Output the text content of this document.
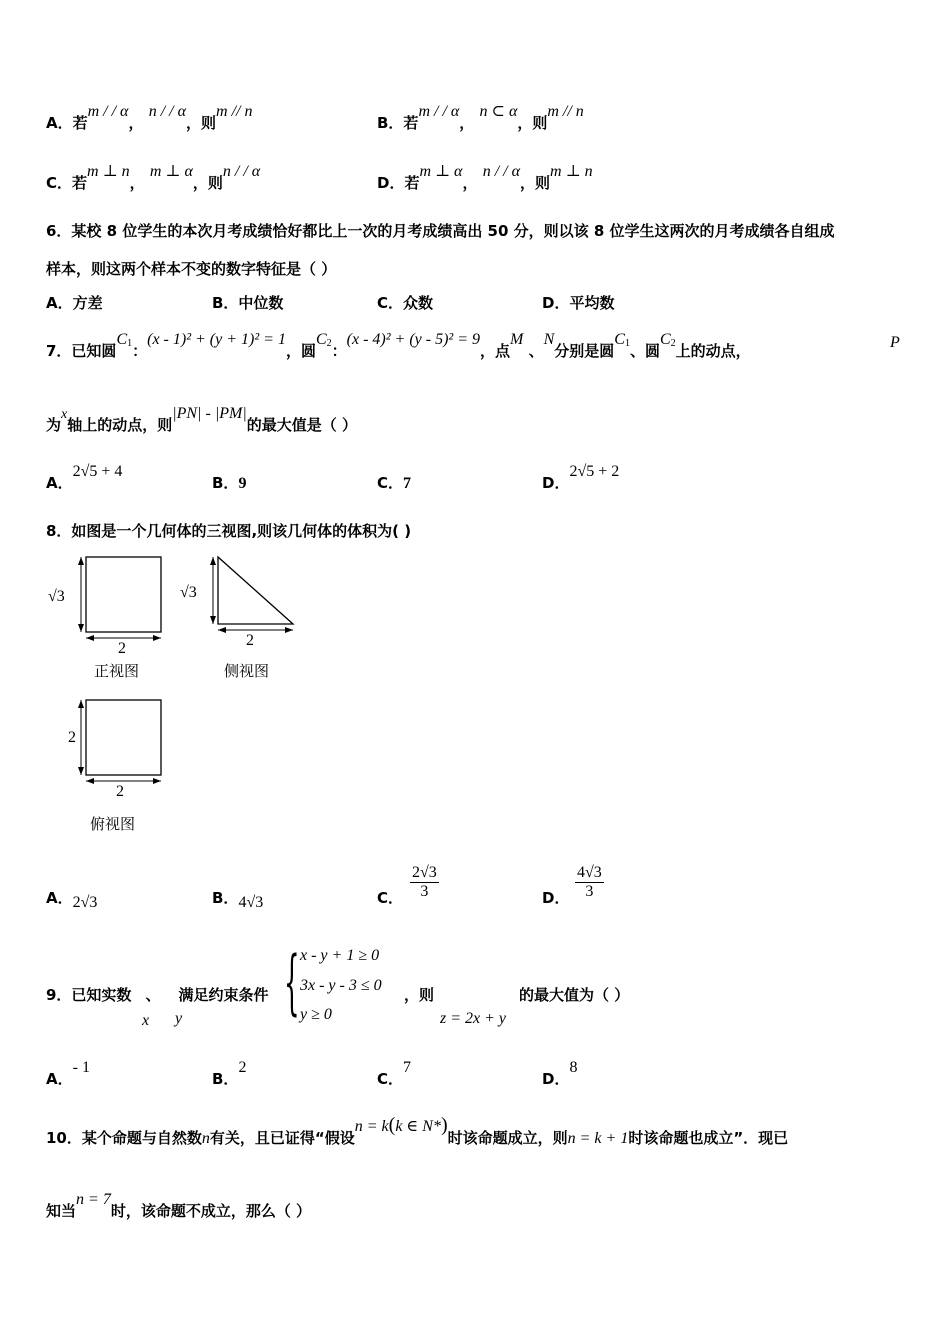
A．若m / / α， n / / α，则m // n
B．若m / / α， n ⊂ α，则m // n
C．若m ⊥ n， m ⊥ α，则n / / α
D．若m ⊥ α， n / / α，则m ⊥ n
6．某校 8 位学生的本次月考成绩恰好都比上一次的月考成绩高出 50 分，则以该 8 位学生这两次的月考成绩各自组成
样本，则这两个样本不变的数字特征是（ ）
A．方差	B．中位数	C．众数	D．平均数
7．已知圆$C_1$：(x - 1)² + (y + 1)² = 1，圆$C_2$：(x - 4)² + (y - 5)² = 9，点M 、N分别是圆$C_1$、圆$C_2$上的动点，	P
为x轴上的动点，则|PN| - |PM|的最大值是（ ）
A．2√5 + 4
B．9	C．7	D．2√5 + 2
8．如图是一个几何体的三视图,则该几何体的体积为( )
√3
2
正视图
√3
2
侧视图
2
2
俯视图
A．2√3	B．4√3	C． $\frac{2√3}{3}$	D． $\frac{4√3}{3}$
9．已知实数 、 满足约束条件
x y { x - y + 1 ≥ 0
3x - y - 3 ≤ 0
y ≥ 0
，则
z = 2x + y
的最大值为（ ）
A．- 1
B．2
C．7
D．8
10．某个命题与自然数n有关，且已证得“假设n = k(k ∈ N*)时该命题成立，则n = k + 1时该命题也成立”．现已
知当n = 7时，该命题不成立，那么（ ）
